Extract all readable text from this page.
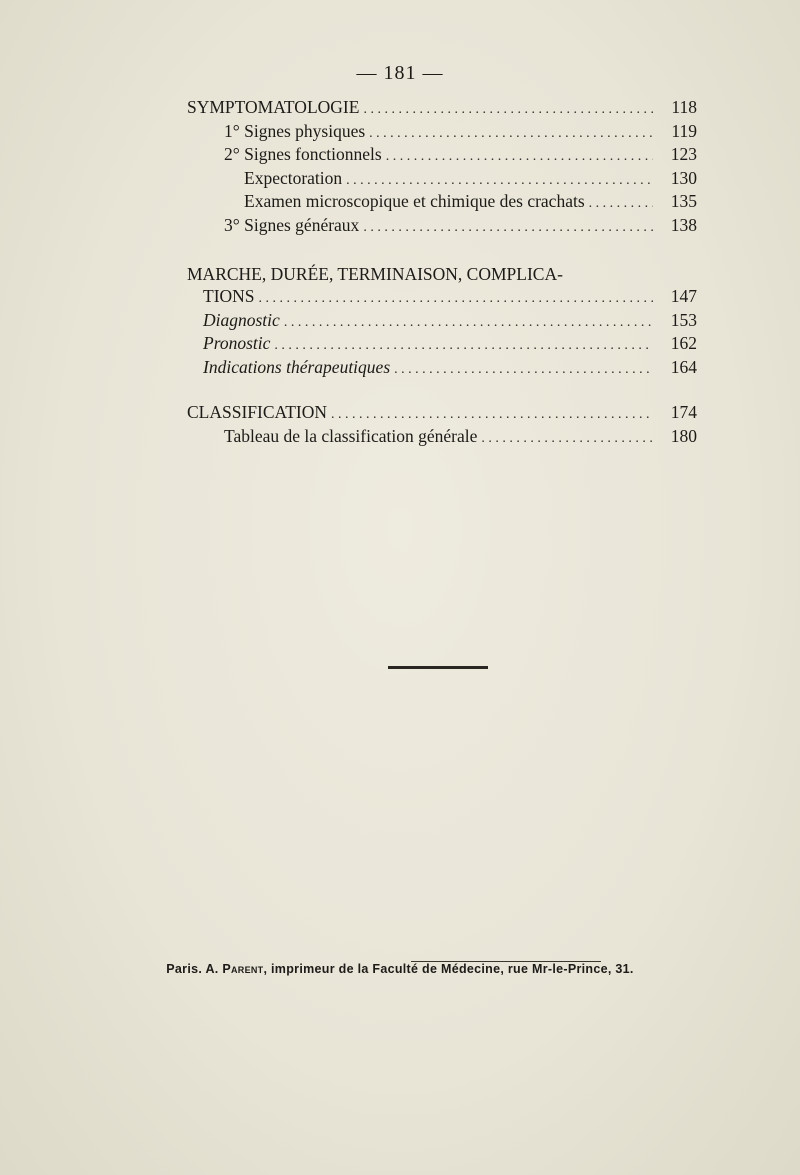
— 181 —
SYMPTOMATOLOGIE . . .	118
1° Signes physiques . . .	119
2° Signes fonctionnels . . .	123
Expectoration . . .	130
Examen microscopique et chimique des crachats . . .	135
3° Signes généraux . . .	138
MARCHE, DURÉE, TERMINAISON, COMPLICA-
TIONS . . .	147
Diagnostic . . .	153
Pronostic . . .	162
Indications thérapeutiques . . .	164
CLASSIFICATION . . .	174
Tableau de la classification générale . . .	180
Paris. A. Parent, imprimeur de la Faculté de Médecine, rue Mr-le-Prince, 31.
